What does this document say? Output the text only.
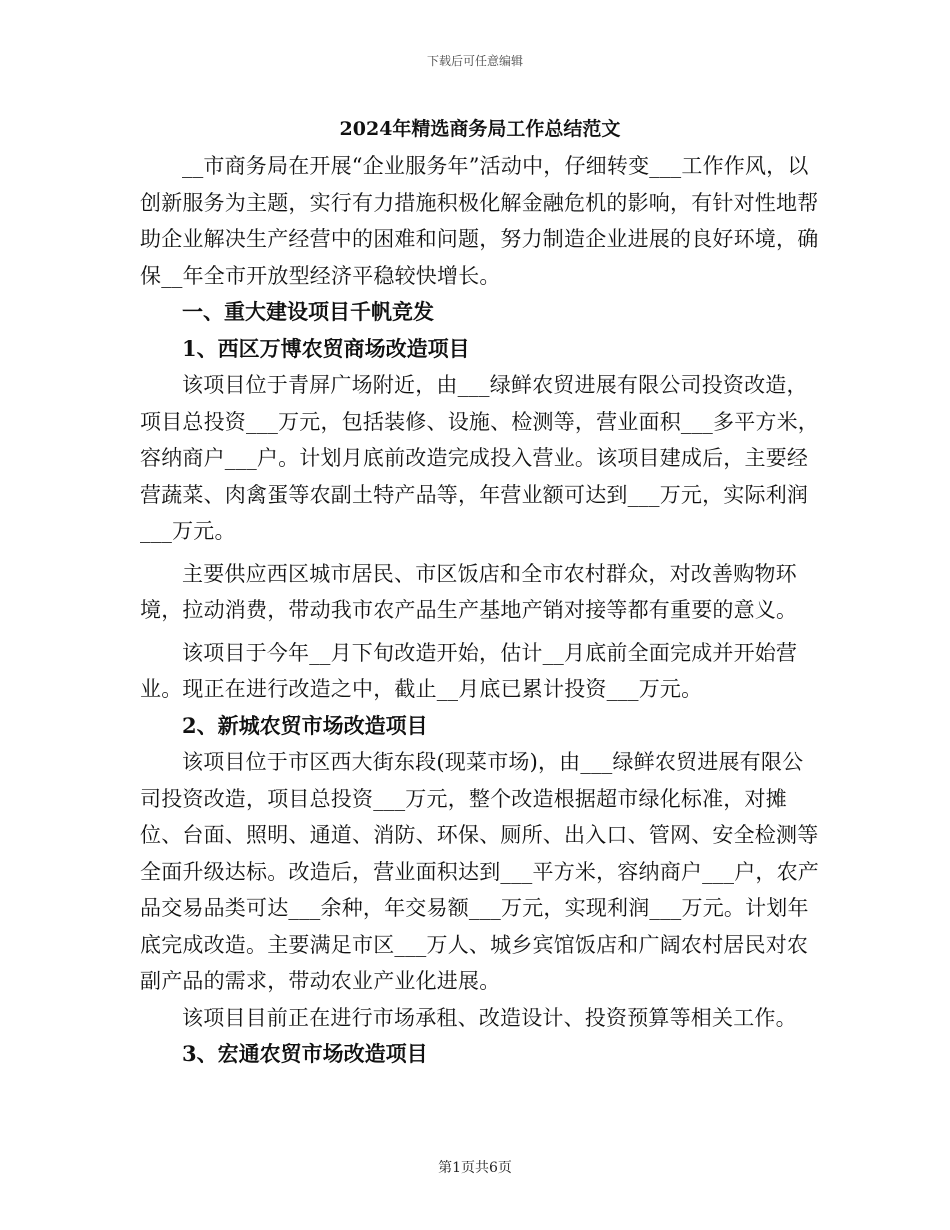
下载后可任意编辑
2024年精选商务局工作总结范文

__市商务局在开展“企业服务年”活动中，仔细转变___工作作风，以创新服务为主题，实行有力措施积极化解金融危机的影响，有针对性地帮助企业解决生产经营中的困难和问题，努力制造企业进展的良好环境，确保__年全市开放型经济平稳较快增长。

一、重大建设项目千帆竞发

1、西区万博农贸商场改造项目

该项目位于青屏广场附近，由___绿鲜农贸进展有限公司投资改造，项目总投资___万元，包括装修、设施、检测等，营业面积___多平方米，容纳商户___户。计划月底前改造完成投入营业。该项目建成后，主要经营蔬菜、肉禽蛋等农副土特产品等，年营业额可达到___万元，实际利润___万元。

主要供应西区城市居民、市区饭店和全市农村群众，对改善购物环境，拉动消费，带动我市农产品生产基地产销对接等都有重要的意义。

该项目于今年__月下旬改造开始，估计__月底前全面完成并开始营业。现正在进行改造之中，截止__月底已累计投资___万元。

2、新城农贸市场改造项目

该项目位于市区西大街东段(现菜市场)，由___绿鲜农贸进展有限公司投资改造，项目总投资___万元，整个改造根据超市绿化标准，对摊位、台面、照明、通道、消防、环保、厕所、出入口、管网、安全检测等全面升级达标。改造后，营业面积达到___平方米，容纳商户___户，农产品交易品类可达___余种，年交易额___万元，实现利润___万元。计划年底完成改造。主要满足市区___万人、城乡宾馆饭店和广阔农村居民对农副产品的需求，带动农业产业化进展。

该项目目前正在进行市场承租、改造设计、投资预算等相关工作。

3、宏通农贸市场改造项目

第1页共6页
